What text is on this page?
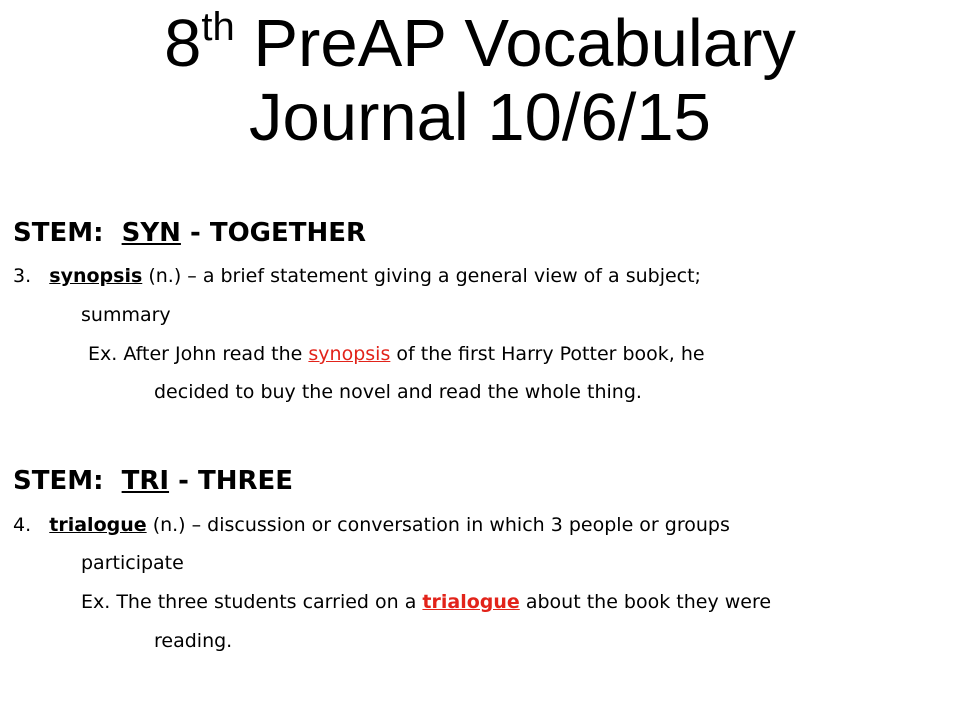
8th PreAP Vocabulary
Journal 10/6/15
STEM: SYN - TOGETHER
3. synopsis (n.) – a brief statement giving a general view of a subject;
summary
Ex. After John read the synopsis of the first Harry Potter book, he
decided to buy the novel and read the whole thing.
STEM: TRI - THREE
4. trialogue (n.) – discussion or conversation in which 3 people or groups
participate
Ex. The three students carried on a trialogue about the book they were
reading.
